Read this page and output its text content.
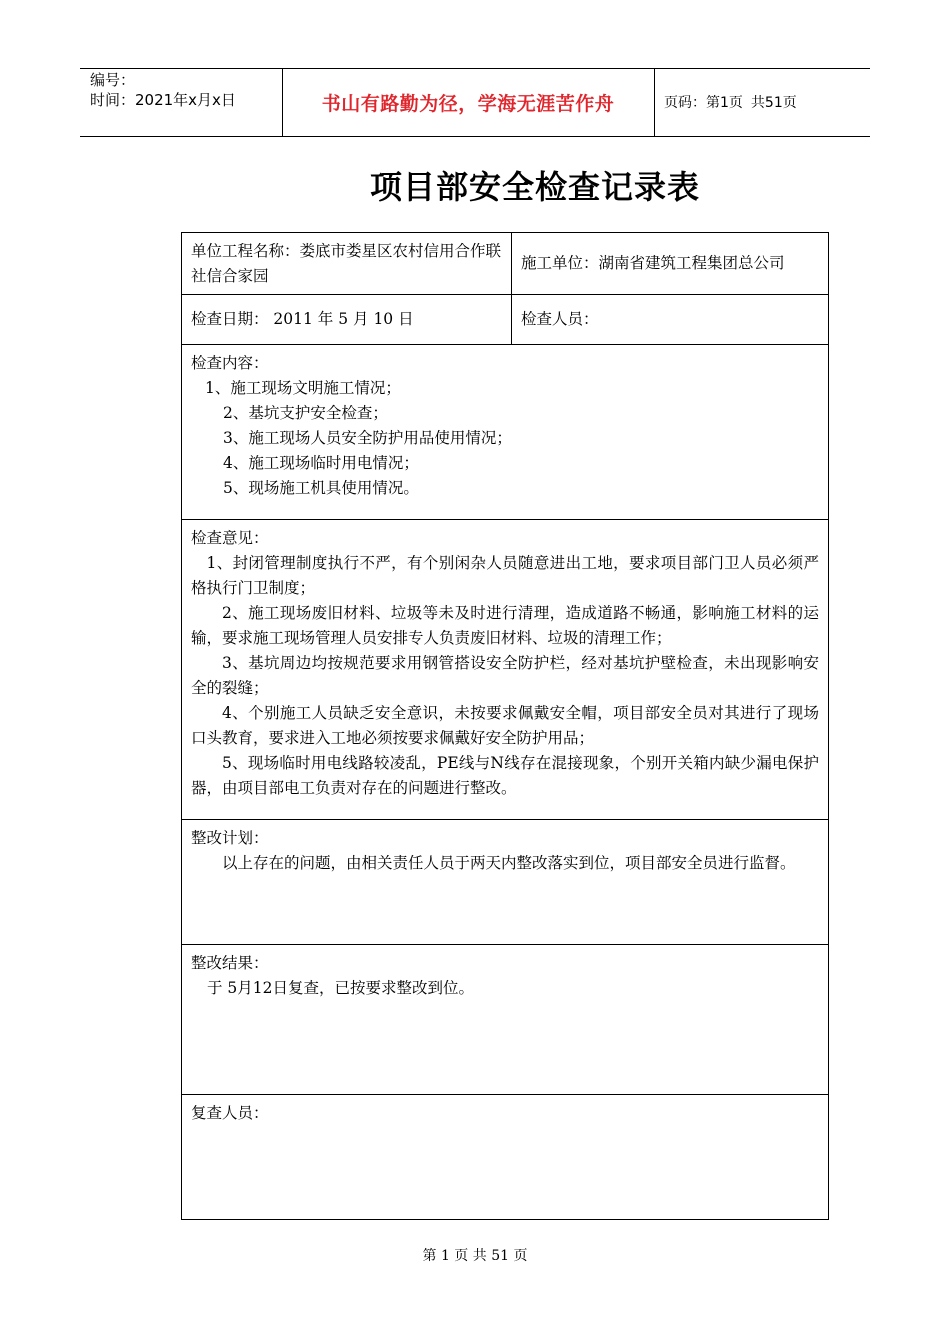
编号：
时间：2021年x月x日	书山有路勤为径，学海无涯苦作舟	页码：第1页 共51页
项目部安全检查记录表
单位工程名称：娄底市娄星区农村信用合作联社信合家园
施工单位：湖南省建筑工程集团总公司
检查日期： 2011 年 5 月 10 日	检查人员：
检查内容：
1、施工现场文明施工情况；
2、基坑支护安全检查；
3、施工现场人员安全防护用品使用情况；
4、施工现场临时用电情况；
5、现场施工机具使用情况。
检查意见：
1、封闭管理制度执行不严，有个别闲杂人员随意进出工地，要求项目部门卫人员必须严格执行门卫制度；
2、施工现场废旧材料、垃圾等未及时进行清理，造成道路不畅通，影响施工材料的运输，要求施工现场管理人员安排专人负责废旧材料、垃圾的清理工作；
3、基坑周边均按规范要求用钢管搭设安全防护栏，经对基坑护壁检查，未出现影响安全的裂缝；
4、个别施工人员缺乏安全意识，未按要求佩戴安全帽，项目部安全员对其进行了现场口头教育，要求进入工地必须按要求佩戴好安全防护用品；
5、现场临时用电线路较凌乱，PE线与N线存在混接现象，个别开关箱内缺少漏电保护器，由项目部电工负责对存在的问题进行整改。
整改计划：
以上存在的问题，由相关责任人员于两天内整改落实到位，项目部安全员进行监督。
整改结果：
于 5月12日复查，已按要求整改到位。
复查人员：
第 1 页 共 51 页
